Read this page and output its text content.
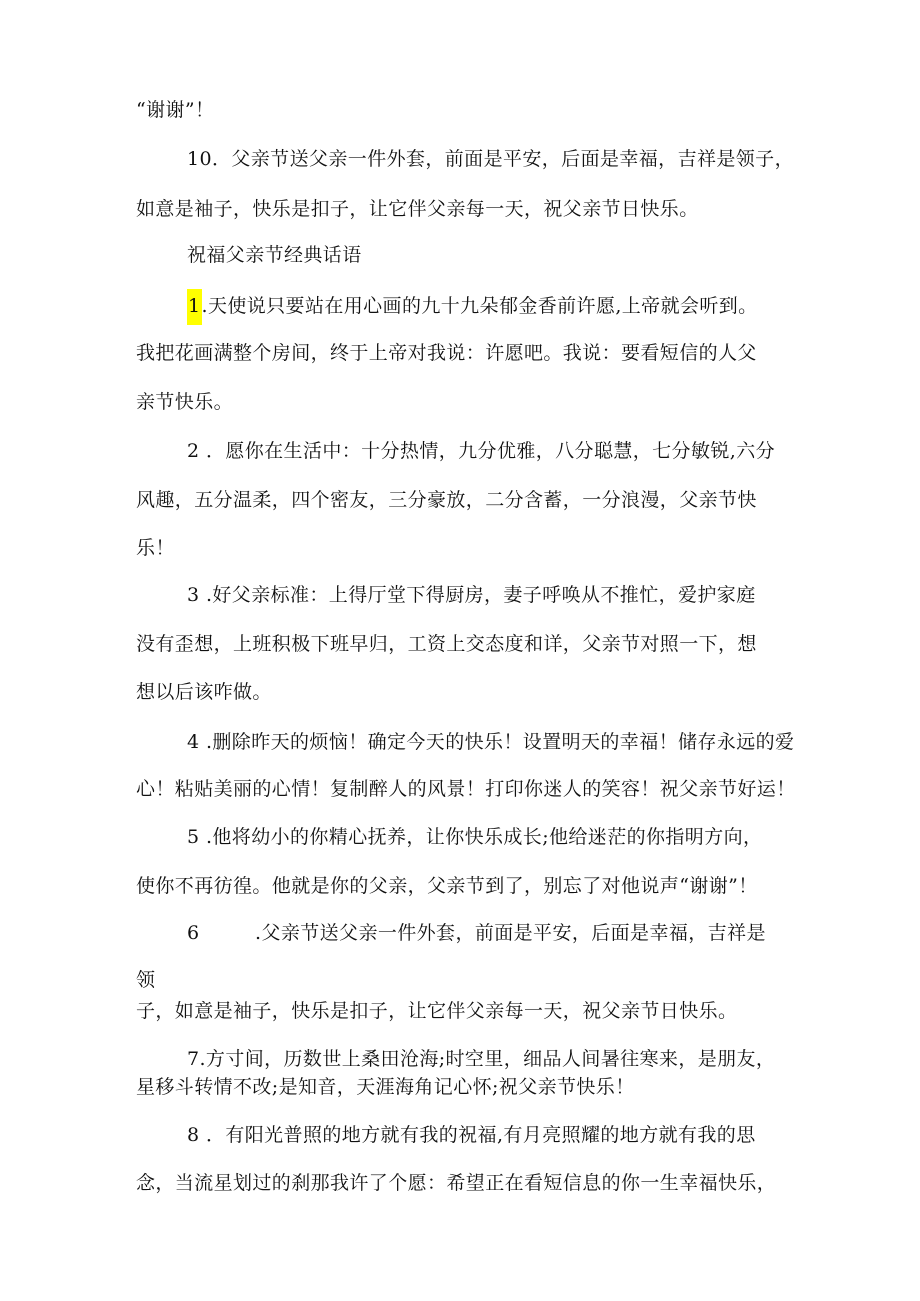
“谢谢”！
10．父亲节送父亲一件外套，前面是平安，后面是幸福，吉祥是领子，
如意是袖子，快乐是扣子，让它伴父亲每一天，祝父亲节日快乐。
祝福父亲节经典话语
1.天使说只要站在用心画的九十九朵郁金香前许愿,上帝就会听到。
我把花画满整个房间，终于上帝对我说：许愿吧。我说：要看短信的人父
亲节快乐。
2 ．愿你在生活中：十分热情，九分优雅，八分聪慧，七分敏锐,六分
风趣，五分温柔，四个密友，三分豪放，二分含蓄，一分浪漫，父亲节快
乐！
3 .好父亲标准：上得厅堂下得厨房，妻子呼唤从不推忙，爱护家庭
没有歪想，上班积极下班早归，工资上交态度和详，父亲节对照一下，想
想以后该咋做。
4 .删除昨天的烦恼！确定今天的快乐！设置明天的幸福！储存永远的爱
心！粘贴美丽的心情！复制醉人的风景！打印你迷人的笑容！祝父亲节好运！
5 .他将幼小的你精心抚养，让你快乐成长;他给迷茫的你指明方向，
使你不再彷徨。他就是你的父亲，父亲节到了，别忘了对他说声“谢谢”！
6	.父亲节送父亲一件外套，前面是平安，后面是幸福，吉祥是
领
子，如意是袖子，快乐是扣子，让它伴父亲每一天，祝父亲节日快乐。
7.方寸间，历数世上桑田沧海;时空里，细品人间暑往寒来，是朋友，
星移斗转情不改;是知音，天涯海角记心怀;祝父亲节快乐！
8 ．有阳光普照的地方就有我的祝福,有月亮照耀的地方就有我的思
念，当流星划过的刹那我许了个愿：希望正在看短信息的你一生幸福快乐，
